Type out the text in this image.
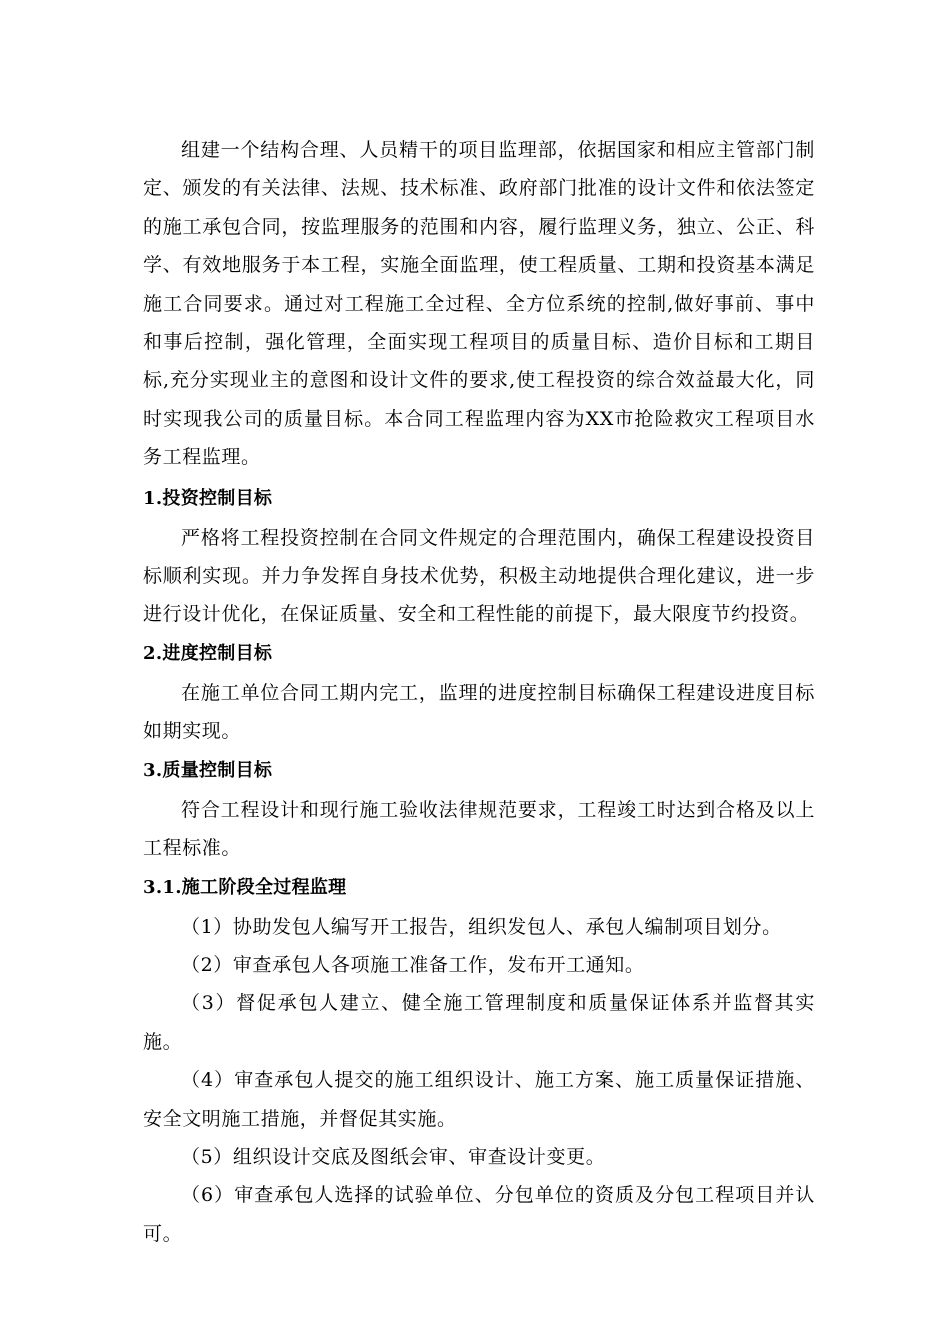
组建一个结构合理、人员精干的项目监理部，依据国家和相应主管部门制定、颁发的有关法律、法规、技术标准、政府部门批准的设计文件和依法签定的施工承包合同，按监理服务的范围和内容，履行监理义务，独立、公正、科学、有效地服务于本工程，实施全面监理，使工程质量、工期和投资基本满足施工合同要求。通过对工程施工全过程、全方位系统的控制,做好事前、事中和事后控制，强化管理，全面实现工程项目的质量目标、造价目标和工期目标,充分实现业主的意图和设计文件的要求,使工程投资的综合效益最大化，同时实现我公司的质量目标。本合同工程监理内容为XX市抢险救灾工程项目水务工程监理。

1.投资控制目标

严格将工程投资控制在合同文件规定的合理范围内，确保工程建设投资目标顺利实现。并力争发挥自身技术优势，积极主动地提供合理化建议，进一步进行设计优化，在保证质量、安全和工程性能的前提下，最大限度节约投资。

2.进度控制目标

在施工单位合同工期内完工，监理的进度控制目标确保工程建设进度目标如期实现。

3.质量控制目标

符合工程设计和现行施工验收法律规范要求，工程竣工时达到合格及以上工程标准。

3.1.施工阶段全过程监理

（1）协助发包人编写开工报告，组织发包人、承包人编制项目划分。

（2）审查承包人各项施工准备工作，发布开工通知。

（3）督促承包人建立、健全施工管理制度和质量保证体系并监督其实施。

（4）审查承包人提交的施工组织设计、施工方案、施工质量保证措施、安全文明施工措施，并督促其实施。

（5）组织设计交底及图纸会审、审查设计变更。

（6）审查承包人选择的试验单位、分包单位的资质及分包工程项目并认可。
